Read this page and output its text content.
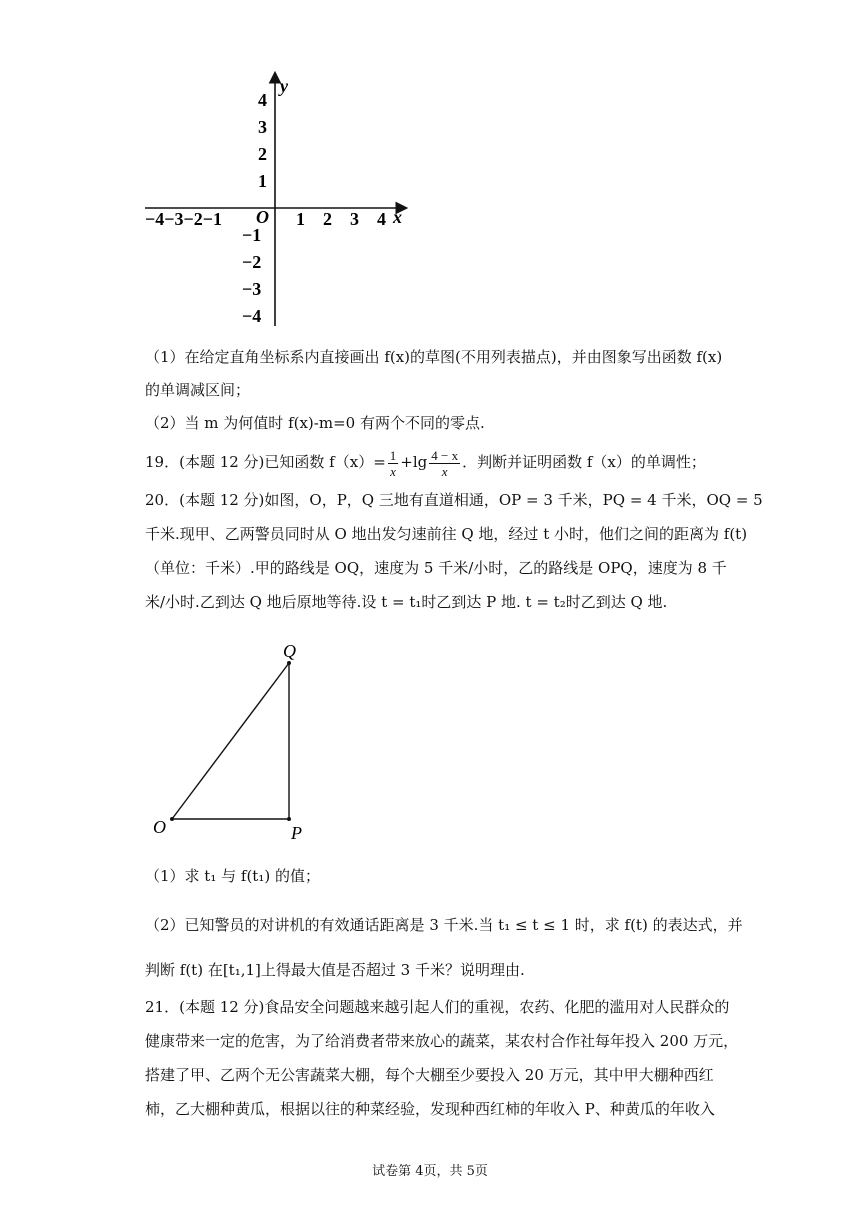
y
x
O
−4−3−2−1	1 2 3 4
4
3
2
1
−1
−2
−3
−4
（1）在给定直角坐标系内直接画出 f(x)的草图(不用列表描点)，并由图象写出函数 f(x)
的单调减区间；
（2）当 m 为何值时 f(x)-m=0 有两个不同的零点.
19．(本题 12 分)已知函数 $f(x)= \frac{1}{x} +\lg \frac{4 - x}{x}$ ．判断并证明函数 f（x）的单调性；
20．(本题 12 分)如图，O，P，Q 三地有直道相通，OP = 3 千米，PQ = 4 千米，OQ = 5
千米.现甲、乙两警员同时从 O 地出发匀速前往 Q 地，经过 t 小时，他们之间的距离为 f(t)
（单位：千米）.甲的路线是 OQ，速度为 5 千米/小时，乙的路线是 OPQ，速度为 8 千
米/小时.乙到达 Q 地后原地等待.设 t = t₁时乙到达 P 地. t = t₂时乙到达 Q 地.
Q
O	P
（1）求 t₁ 与 f(t₁) 的值；
（2）已知警员的对讲机的有效通话距离是 3 千米.当 t₁ ≤ t ≤ 1 时，求 f(t) 的表达式，并
判断 f(t) 在[t₁,1]上得最大值是否超过 3 千米？说明理由.
21．(本题 12 分)食品安全问题越来越引起人们的重视，农药、化肥的滥用对人民群众的
健康带来一定的危害，为了给消费者带来放心的蔬菜，某农村合作社每年投入 200 万元，
搭建了甲、乙两个无公害蔬菜大棚，每个大棚至少要投入 20 万元，其中甲大棚种西红
柿，乙大棚种黄瓜，根据以往的种菜经验，发现种西红柿的年收入 P、种黄瓜的年收入
试卷第 4页，共 5页
